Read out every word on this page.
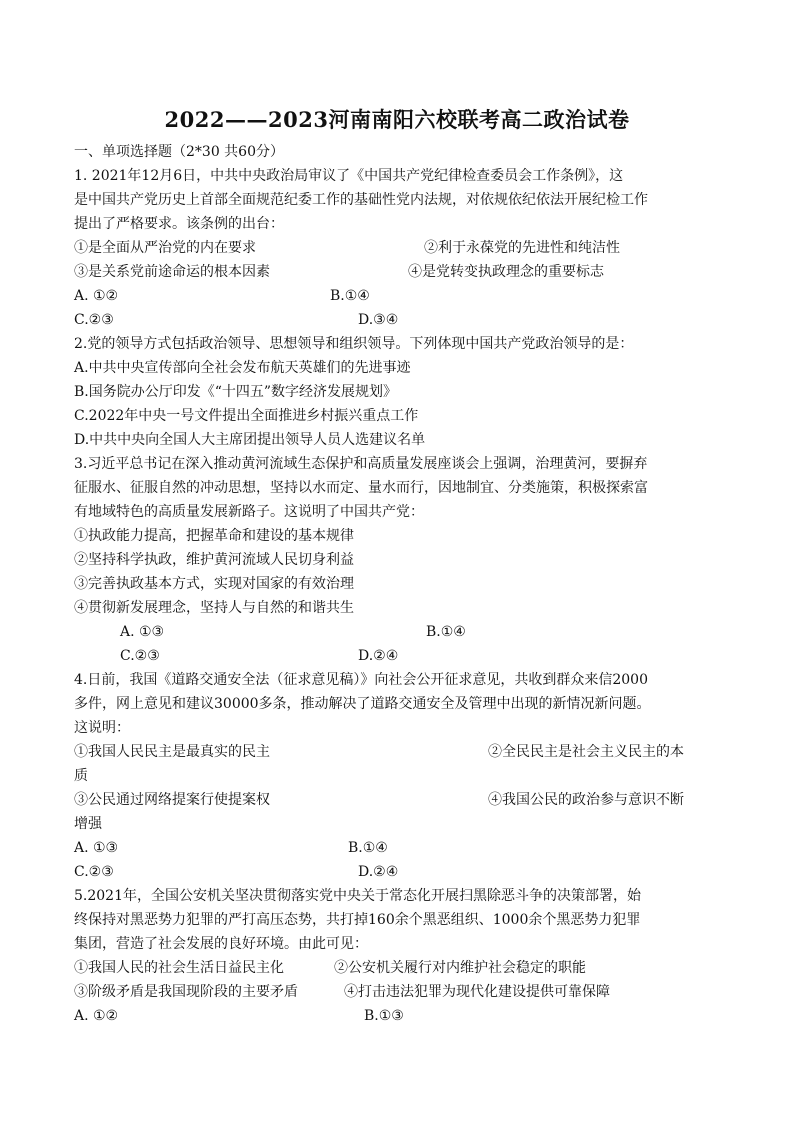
2022——2023河南南阳六校联考高二政治试卷
一、单项选择题（2*30 共60分）
1. 2021年12月6日，中共中央政治局审议了《中国共产党纪律检查委员会工作条例》，这
是中国共产党历史上首部全面规范纪委工作的基础性党内法规，对依规依纪依法开展纪检工作
提出了严格要求。该条例的出台：
①是全面从严治党的内在要求	②利于永葆党的先进性和纯洁性
③是关系党前途命运的根本因素	④是党转变执政理念的重要标志
A. ①②	B.①④
C.②③	D.③④
2.党的领导方式包括政治领导、思想领导和组织领导。下列体现中国共产党政治领导的是：
A.中共中央宣传部向全社会发布航天英雄们的先进事迹
B.国务院办公厅印发《“十四五”数字经济发展规划》
C.2022年中央一号文件提出全面推进乡村振兴重点工作
D.中共中央向全国人大主席团提出领导人员人选建议名单
3.习近平总书记在深入推动黄河流域生态保护和高质量发展座谈会上强调，治理黄河，要摒弃
征服水、征服自然的冲动思想，坚持以水而定、量水而行，因地制宜、分类施策，积极探索富
有地域特色的高质量发展新路子。这说明了中国共产党：
①执政能力提高，把握革命和建设的基本规律
②坚持科学执政，维护黄河流域人民切身利益
③完善执政基本方式，实现对国家的有效治理
④贯彻新发展理念，坚持人与自然的和谐共生
A. ①③	B.①④
C.②③	D.②④
4.日前，我国《道路交通安全法（征求意见稿）》向社会公开征求意见，共收到群众来信2000
多件，网上意见和建议30000多条，推动解决了道路交通安全及管理中出现的新情况新问题。
这说明：
①我国人民民主是最真实的民主	②全民民主是社会主义民主的本
质
③公民通过网络提案行使提案权	④我国公民的政治参与意识不断
增强
A. ①③	B.①④
C.②③	D.②④
5.2021年，全国公安机关坚决贯彻落实党中央关于常态化开展扫黑除恶斗争的决策部署，始
终保持对黑恶势力犯罪的严打高压态势，共打掉160余个黑恶组织、1000余个黑恶势力犯罪
集团，营造了社会发展的良好环境。由此可见：
①我国人民的社会生活日益民主化	②公安机关履行对内维护社会稳定的职能
③阶级矛盾是我国现阶段的主要矛盾	④打击违法犯罪为现代化建设提供可靠保障
A. ①②	B.①③
